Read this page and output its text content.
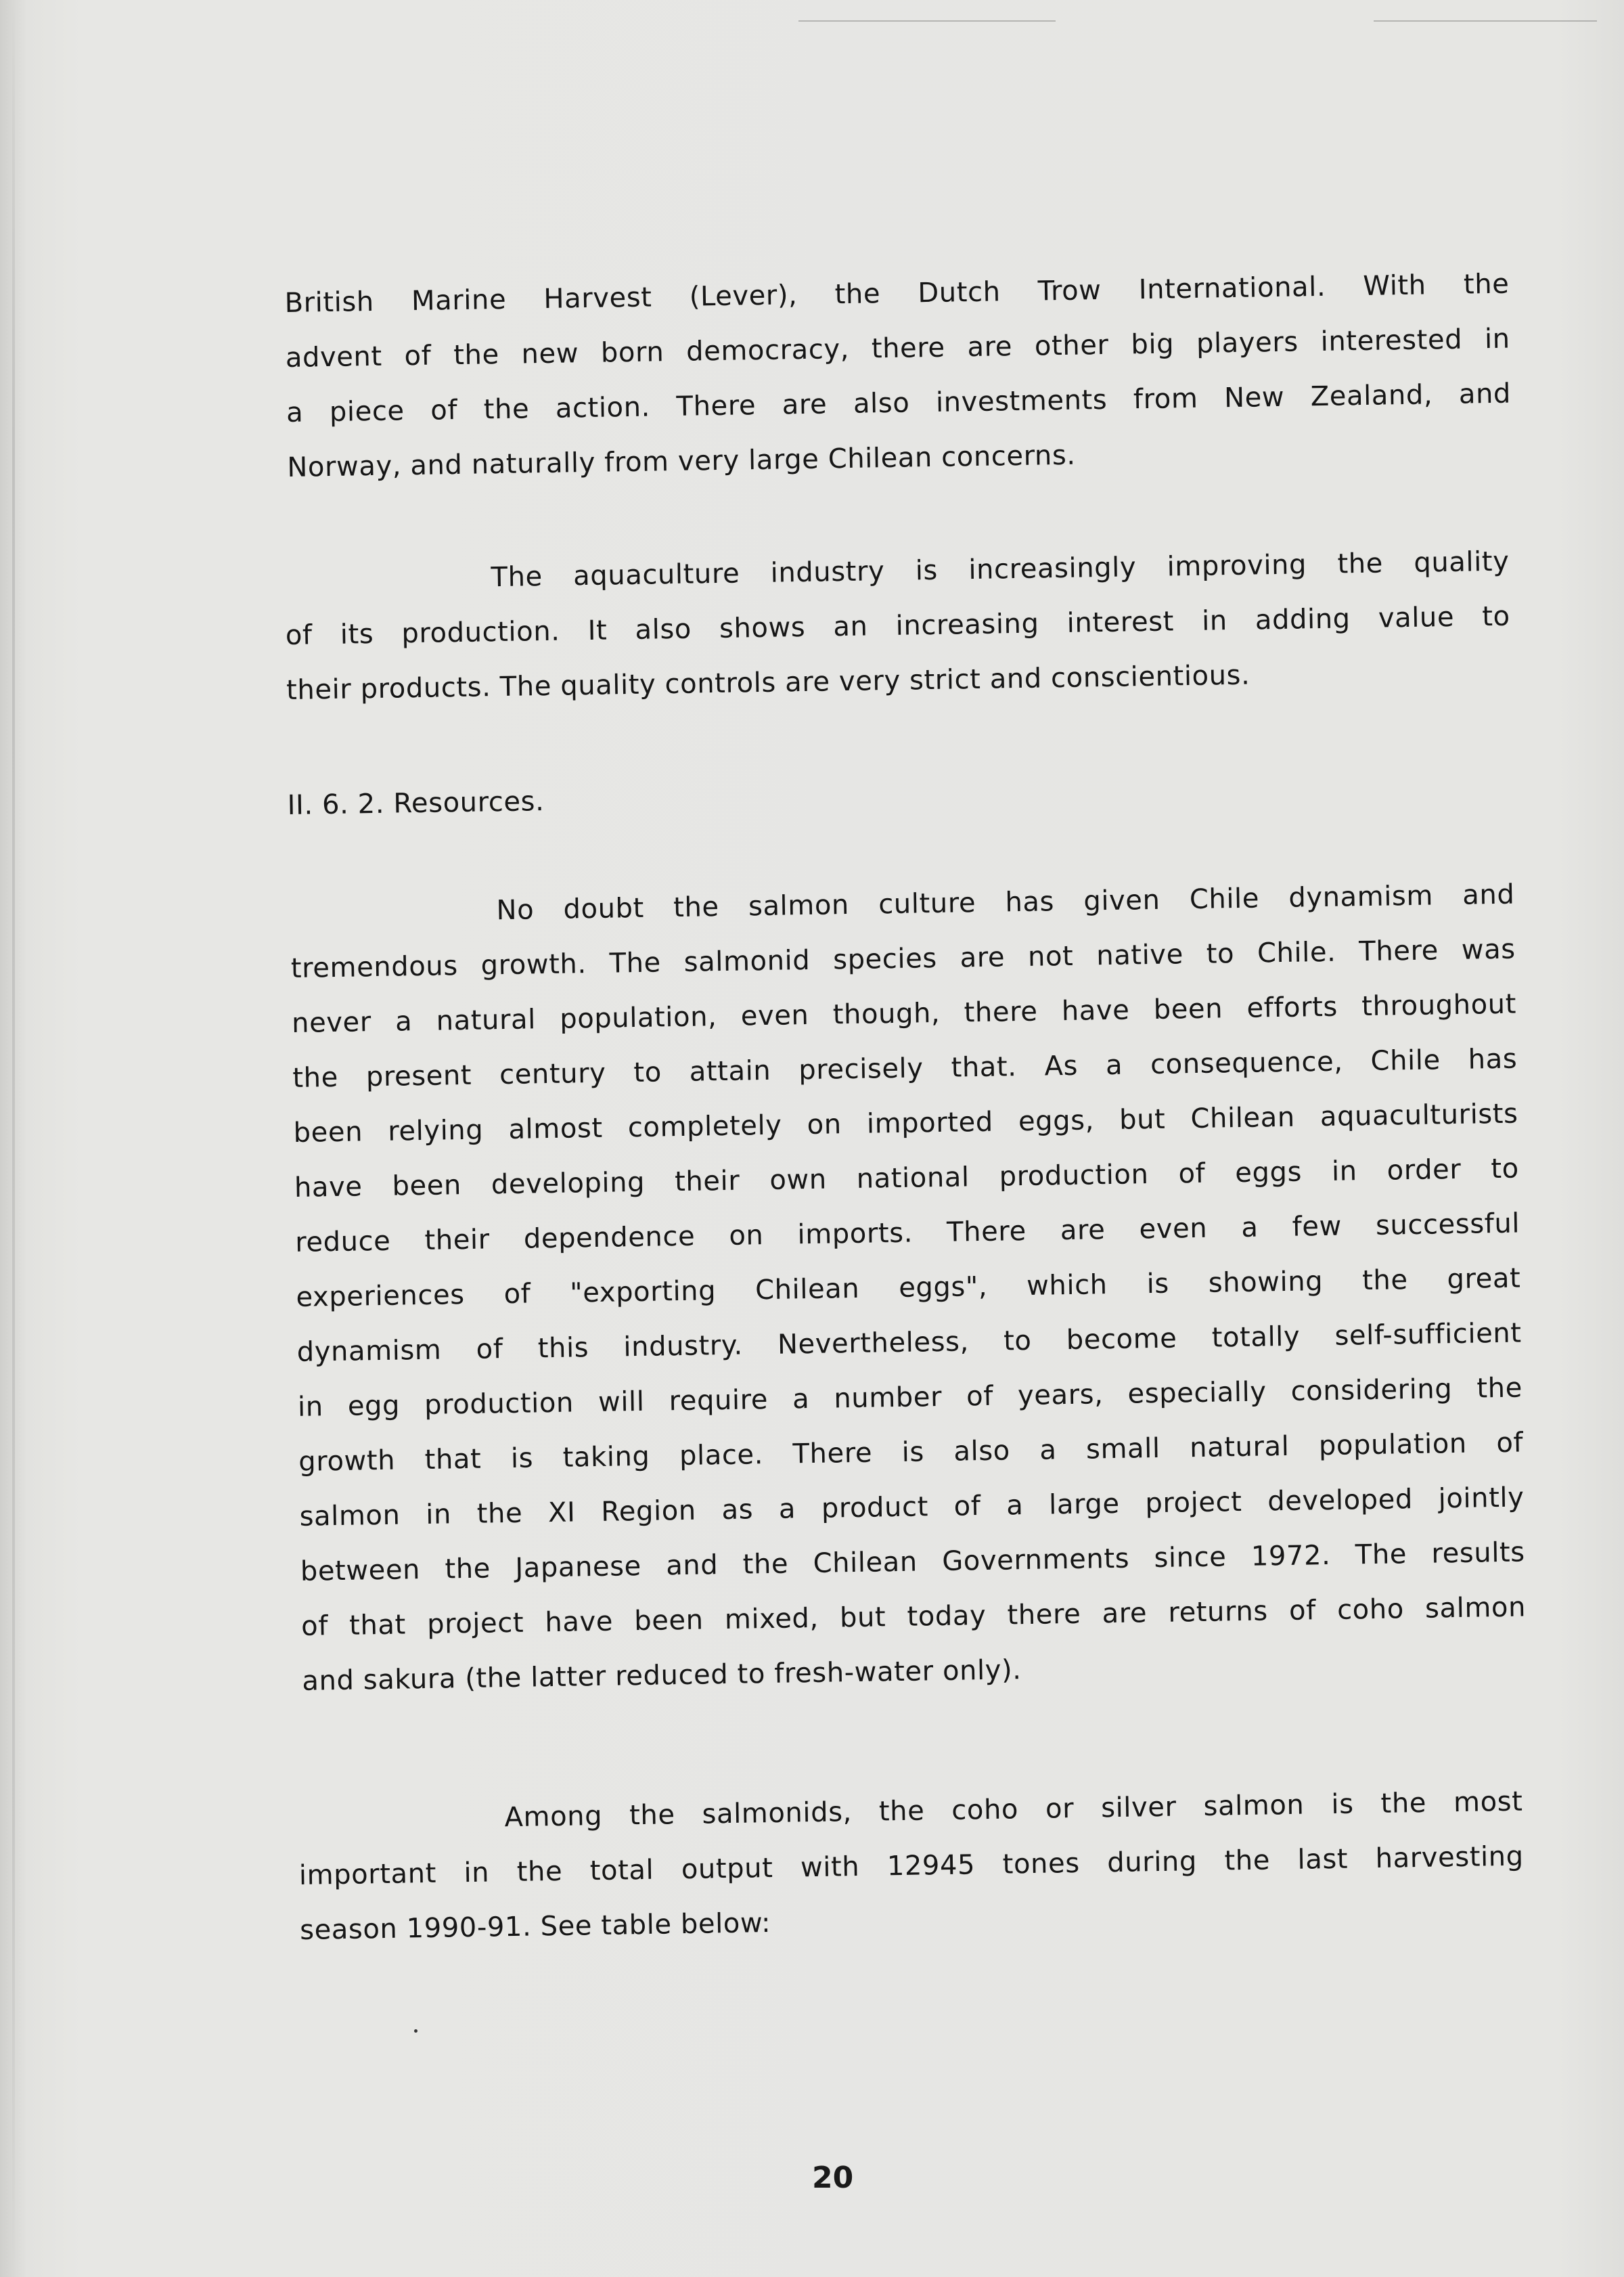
British Marine Harvest (Lever), the Dutch Trow International. With the
advent of the new born democracy, there are other big players interested in
a piece of the action. There are also investments from New Zealand, and
Norway, and naturally from very large Chilean concerns.
The aquaculture industry is increasingly improving the quality
of its production. It also shows an increasing interest in adding value to
their products. The quality controls are very strict and conscientious.
II. 6. 2. Resources.
No doubt the salmon culture has given Chile dynamism and
tremendous growth. The salmonid species are not native to Chile. There was
never a natural population, even though, there have been efforts throughout
the present century to attain precisely that. As a consequence, Chile has
been relying almost completely on imported eggs, but Chilean aquaculturists
have been developing their own national production of eggs in order to
reduce their dependence on imports. There are even a few successful
experiences of "exporting Chilean eggs", which is showing the great
dynamism of this industry. Nevertheless, to become totally self-sufficient
in egg production will require a number of years, especially considering the
growth that is taking place. There is also a small natural population of
salmon in the XI Region as a product of a large project developed jointly
between the Japanese and the Chilean Governments since 1972. The results
of that project have been mixed, but today there are returns of coho salmon
and sakura (the latter reduced to fresh-water only).
Among the salmonids, the coho or silver salmon is the most
important in the total output with 12945 tones during the last harvesting
season 1990-91. See table below:
20
